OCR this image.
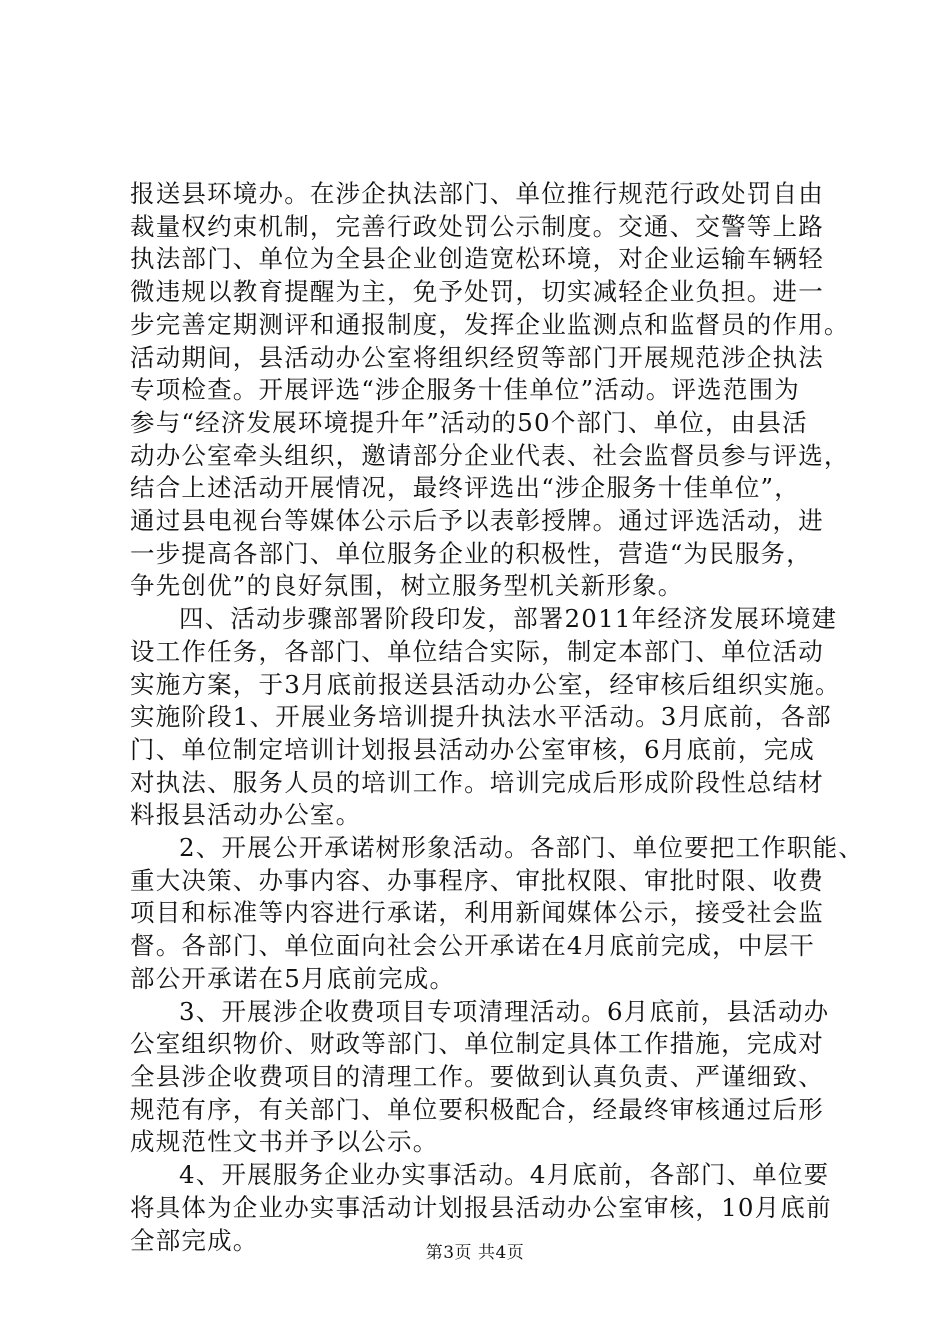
报送县环境办。在涉企执法部门、单位推行规范行政处罚自由
裁量权约束机制，完善行政处罚公示制度。交通、交警等上路
执法部门、单位为全县企业创造宽松环境，对企业运输车辆轻
微违规以教育提醒为主，免予处罚，切实减轻企业负担。进一
步完善定期测评和通报制度，发挥企业监测点和监督员的作用。
活动期间，县活动办公室将组织经贸等部门开展规范涉企执法
专项检查。开展评选“涉企服务十佳单位”活动。评选范围为
参与“经济发展环境提升年”活动的50个部门、单位，由县活
动办公室牵头组织，邀请部分企业代表、社会监督员参与评选，
结合上述活动开展情况，最终评选出“涉企服务十佳单位”，
通过县电视台等媒体公示后予以表彰授牌。通过评选活动，进
一步提高各部门、单位服务企业的积极性，营造“为民服务，
争先创优”的良好氛围，树立服务型机关新形象。

四、活动步骤部署阶段印发，部署2011年经济发展环境建
设工作任务，各部门、单位结合实际，制定本部门、单位活动
实施方案，于3月底前报送县活动办公室，经审核后组织实施。
实施阶段1、开展业务培训提升执法水平活动。3月底前，各部
门、单位制定培训计划报县活动办公室审核，6月底前，完成
对执法、服务人员的培训工作。培训完成后形成阶段性总结材
料报县活动办公室。

2、开展公开承诺树形象活动。各部门、单位要把工作职能、
重大决策、办事内容、办事程序、审批权限、审批时限、收费
项目和标准等内容进行承诺，利用新闻媒体公示，接受社会监
督。各部门、单位面向社会公开承诺在4月底前完成，中层干
部公开承诺在5月底前完成。

3、开展涉企收费项目专项清理活动。6月底前，县活动办
公室组织物价、财政等部门、单位制定具体工作措施，完成对
全县涉企收费项目的清理工作。要做到认真负责、严谨细致、
规范有序，有关部门、单位要积极配合，经最终审核通过后形
成规范性文书并予以公示。

4、开展服务企业办实事活动。4月底前，各部门、单位要
将具体为企业办实事活动计划报县活动办公室审核，10月底前
全部完成。	第3页 共4页
